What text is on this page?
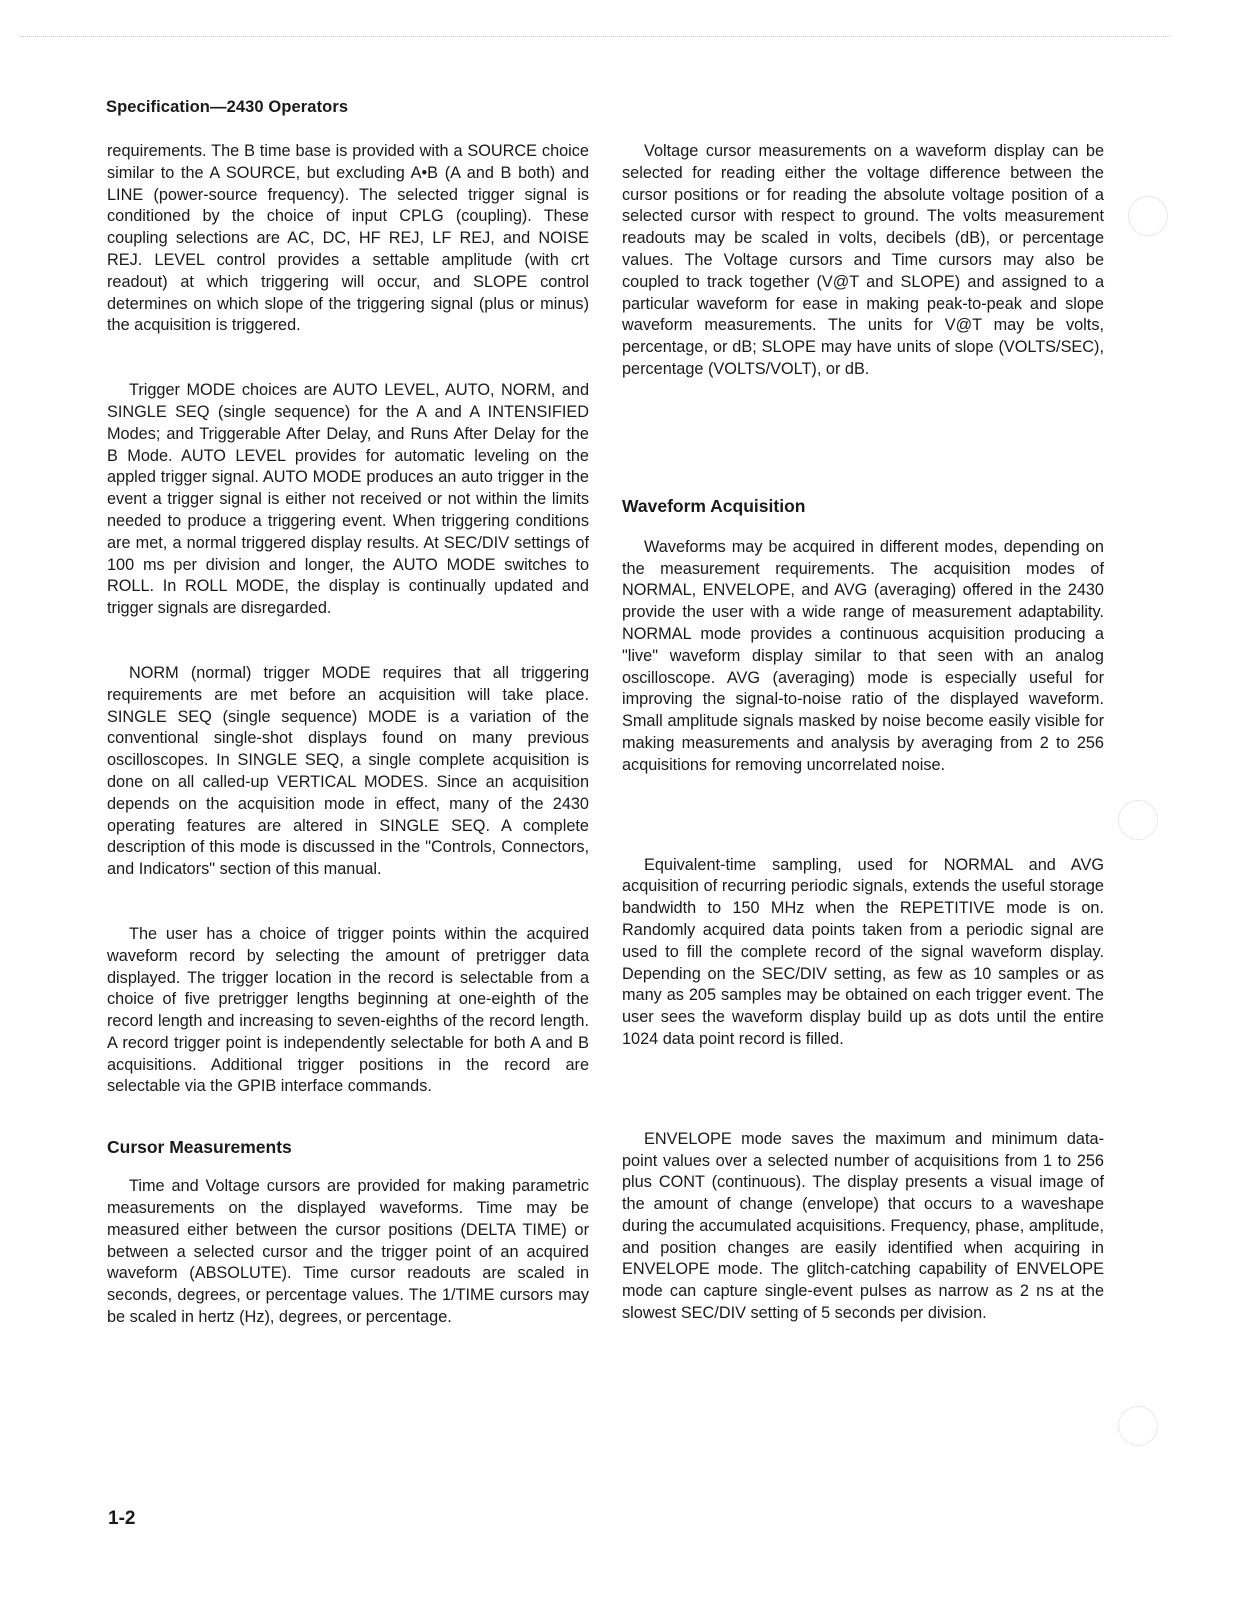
Specification—2430 Operators

requirements. The B time base is provided with a SOURCE choice similar to the A SOURCE, but excluding A•B (A and B both) and LINE (power-source frequency). The selected trigger signal is conditioned by the choice of input CPLG (coupling). These coupling selections are AC, DC, HF REJ, LF REJ, and NOISE REJ. LEVEL control provides a settable amplitude (with crt readout) at which triggering will occur, and SLOPE control determines on which slope of the triggering signal (plus or minus) the acquisition is triggered.

Trigger MODE choices are AUTO LEVEL, AUTO, NORM, and SINGLE SEQ (single sequence) for the A and A INTENSIFIED Modes; and Triggerable After Delay, and Runs After Delay for the B Mode. AUTO LEVEL provides for automatic leveling on the appled trigger signal. AUTO MODE produces an auto trigger in the event a trigger signal is either not received or not within the limits needed to produce a triggering event. When triggering conditions are met, a normal triggered display results. At SEC/DIV settings of 100 ms per division and longer, the AUTO MODE switches to ROLL. In ROLL MODE, the display is continually updated and trigger signals are disregarded.

NORM (normal) trigger MODE requires that all triggering requirements are met before an acquisition will take place. SINGLE SEQ (single sequence) MODE is a variation of the conventional single-shot displays found on many previous oscilloscopes. In SINGLE SEQ, a single complete acquisition is done on all called-up VERTICAL MODES. Since an acquisition depends on the acquisition mode in effect, many of the 2430 operating features are altered in SINGLE SEQ. A complete description of this mode is discussed in the "Controls, Connectors, and Indicators" section of this manual.

The user has a choice of trigger points within the acquired waveform record by selecting the amount of pretrigger data displayed. The trigger location in the record is selectable from a choice of five pretrigger lengths beginning at one-eighth of the record length and increasing to seven-eighths of the record length. A record trigger point is independently selectable for both A and B acquisitions. Additional trigger positions in the record are selectable via the GPIB interface commands.

Cursor Measurements

Time and Voltage cursors are provided for making parametric measurements on the displayed waveforms. Time may be measured either between the cursor positions (DELTA TIME) or between a selected cursor and the trigger point of an acquired waveform (ABSOLUTE). Time cursor readouts are scaled in seconds, degrees, or percentage values. The 1/TIME cursors may be scaled in hertz (Hz), degrees, or percentage.

Voltage cursor measurements on a waveform display can be selected for reading either the voltage difference between the cursor positions or for reading the absolute voltage position of a selected cursor with respect to ground. The volts measurement readouts may be scaled in volts, decibels (dB), or percentage values. The Voltage cursors and Time cursors may also be coupled to track together (V@T and SLOPE) and assigned to a particular waveform for ease in making peak-to-peak and slope waveform measurements. The units for V@T may be volts, percentage, or dB; SLOPE may have units of slope (VOLTS/SEC), percentage (VOLTS/VOLT), or dB.

Waveform Acquisition

Waveforms may be acquired in different modes, depending on the measurement requirements. The acquisition modes of NORMAL, ENVELOPE, and AVG (averaging) offered in the 2430 provide the user with a wide range of measurement adaptability. NORMAL mode provides a continuous acquisition producing a "live" waveform display similar to that seen with an analog oscilloscope. AVG (averaging) mode is especially useful for improving the signal-to-noise ratio of the displayed waveform. Small amplitude signals masked by noise become easily visible for making measurements and analysis by averaging from 2 to 256 acquisitions for removing uncorrelated noise.

Equivalent-time sampling, used for NORMAL and AVG acquisition of recurring periodic signals, extends the useful storage bandwidth to 150 MHz when the REPETITIVE mode is on. Randomly acquired data points taken from a periodic signal are used to fill the complete record of the signal waveform display. Depending on the SEC/DIV setting, as few as 10 samples or as many as 205 samples may be obtained on each trigger event. The user sees the waveform display build up as dots until the entire 1024 data point record is filled.

ENVELOPE mode saves the maximum and minimum data-point values over a selected number of acquisitions from 1 to 256 plus CONT (continuous). The display presents a visual image of the amount of change (envelope) that occurs to a waveshape during the accumulated acquisitions. Frequency, phase, amplitude, and position changes are easily identified when acquiring in ENVELOPE mode. The glitch-catching capability of ENVELOPE mode can capture single-event pulses as narrow as 2 ns at the slowest SEC/DIV setting of 5 seconds per division.

1-2
